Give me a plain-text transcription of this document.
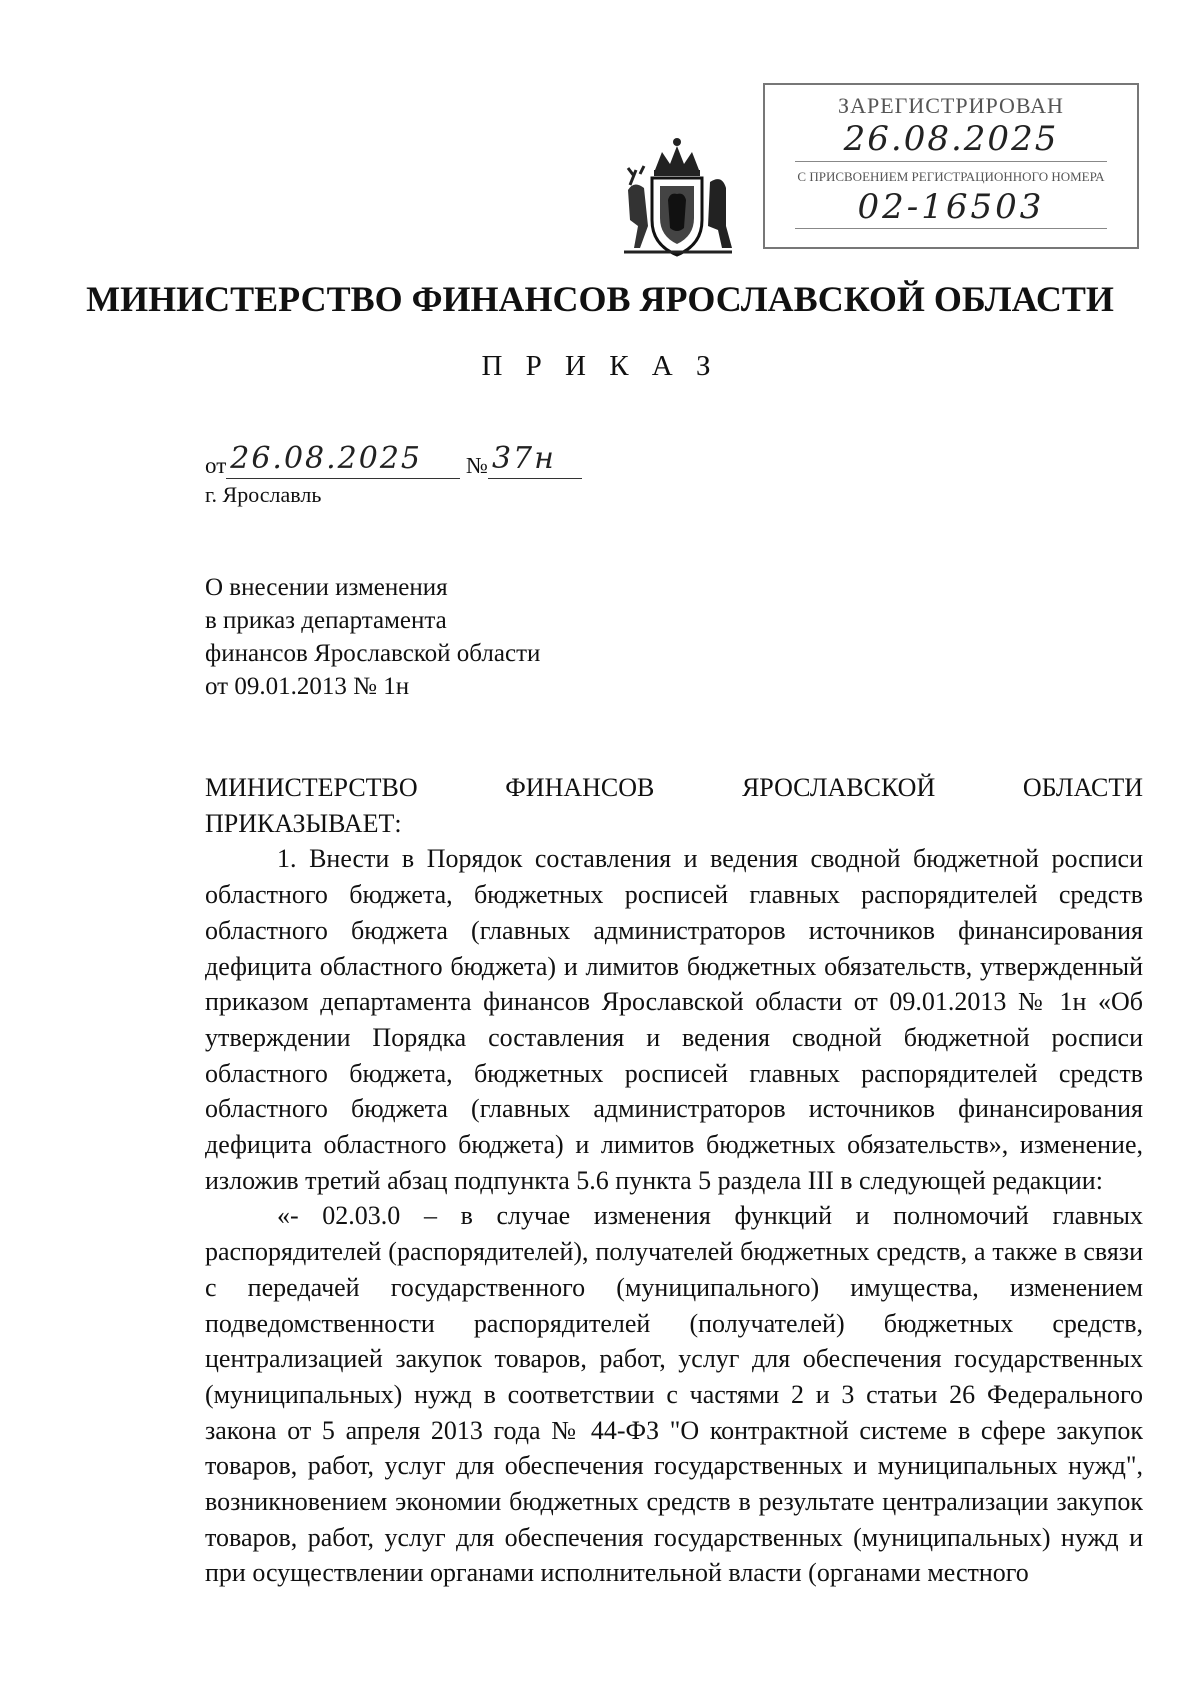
ЗАРЕГИСТРИРОВАН
26.08.2025
С ПРИСВОЕНИЕМ РЕГИСТРАЦИОННОГО НОМЕРА
02-16503
МИНИСТЕРСТВО ФИНАНСОВ ЯРОСЛАВСКОЙ ОБЛАСТИ
П Р И К А З
от 26.08.2025 № 37н
г. Ярославль
О внесении изменения
в приказ департамента
финансов Ярославской области
от 09.01.2013 № 1н
МИНИСТЕРСТВО	ФИНАНСОВ	ЯРОСЛАВСКОЙ	ОБЛАСТИ

ПРИКАЗЫВАЕТ:

1. Внести в Порядок составления и ведения сводной бюджетной росписи областного бюджета, бюджетных росписей главных распорядителей средств областного бюджета (главных администраторов источников финансирования дефицита областного бюджета) и лимитов бюджетных обязательств, утвержденный приказом департамента финансов Ярославской области от 09.01.2013 № 1н «Об утверждении Порядка составления и ведения сводной бюджетной росписи областного бюджета, бюджетных росписей главных распорядителей средств областного бюджета (главных администраторов источников финансирования дефицита областного бюджета) и лимитов бюджетных обязательств», изменение, изложив третий абзац подпункта 5.6 пункта 5 раздела III в следующей редакции:

«- 02.03.0 – в случае изменения функций и полномочий главных распорядителей (распорядителей), получателей бюджетных средств, а также в связи с передачей государственного (муниципального) имущества, изменением подведомственности распорядителей (получателей) бюджетных средств, централизацией закупок товаров, работ, услуг для обеспечения государственных (муниципальных) нужд в соответствии с частями 2 и 3 статьи 26 Федерального закона от 5 апреля 2013 года № 44-ФЗ "О контрактной системе в сфере закупок товаров, работ, услуг для обеспечения государственных и муниципальных нужд", возникновением экономии бюджетных средств в результате централизации закупок товаров, работ, услуг для обеспечения государственных (муниципальных) нужд и при осуществлении органами исполнительной власти (органами местного
